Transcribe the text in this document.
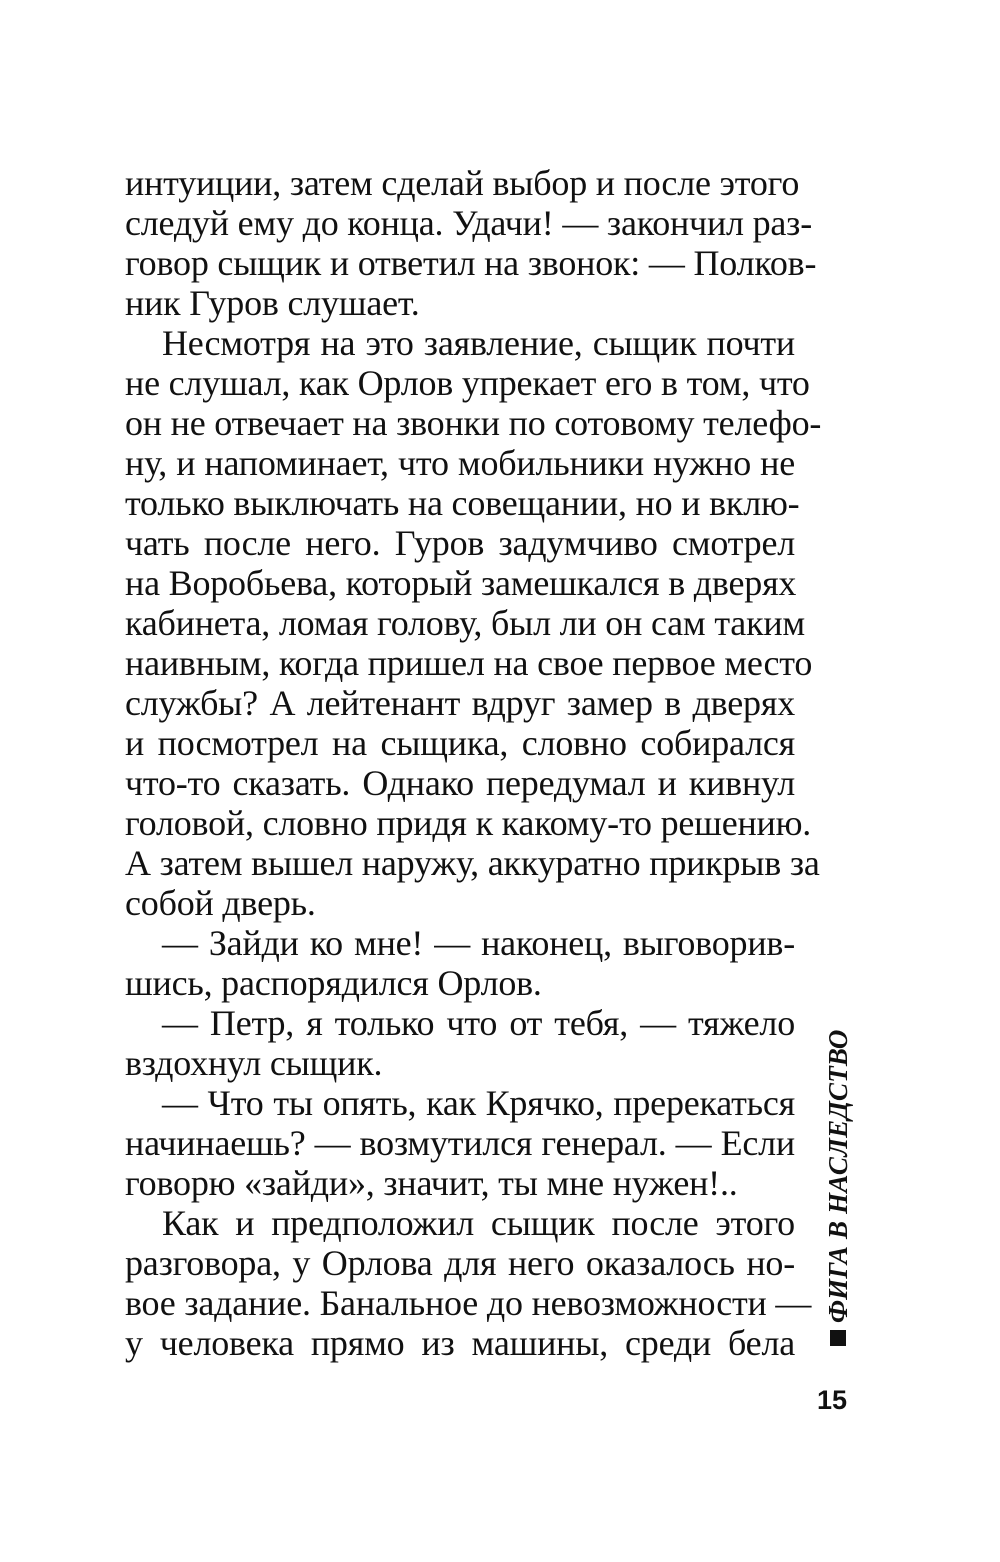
интуиции, затем сделай выбор и после этого
следуй ему до конца. Удачи! — закончил раз-
говор сыщик и ответил на звонок: — Полков-
ник Гуров слушает.
Несмотря на это заявление, сыщик почти
не слушал, как Орлов упрекает его в том, что
он не отвечает на звонки по сотовому телефо-
ну, и напоминает, что мобильники нужно не
только выключать на совещании, но и вклю-
чать после него. Гуров задумчиво смотрел
на Воробьева, который замешкался в дверях
кабинета, ломая голову, был ли он сам таким
наивным, когда пришел на свое первое место
службы? А лейтенант вдруг замер в дверях
и посмотрел на сыщика, словно собирался
что-то сказать. Однако передумал и кивнул
головой, словно придя к какому-то решению.
А затем вышел наружу, аккуратно прикрыв за
собой дверь.
— Зайди ко мне! — наконец, выговорив-
шись, распорядился Орлов.
— Петр, я только что от тебя, — тяжело
вздохнул сыщик.
— Что ты опять, как Крячко, пререкаться
начинаешь? — возмутился генерал. — Если
говорю «зайди», значит, ты мне нужен!..
Как и предположил сыщик после этого
разговора, у Орлова для него оказалось но-
вое задание. Банальное до невозможности —
у человека прямо из машины, среди бела
ФИГА В НАСЛЕДСТВО
15
